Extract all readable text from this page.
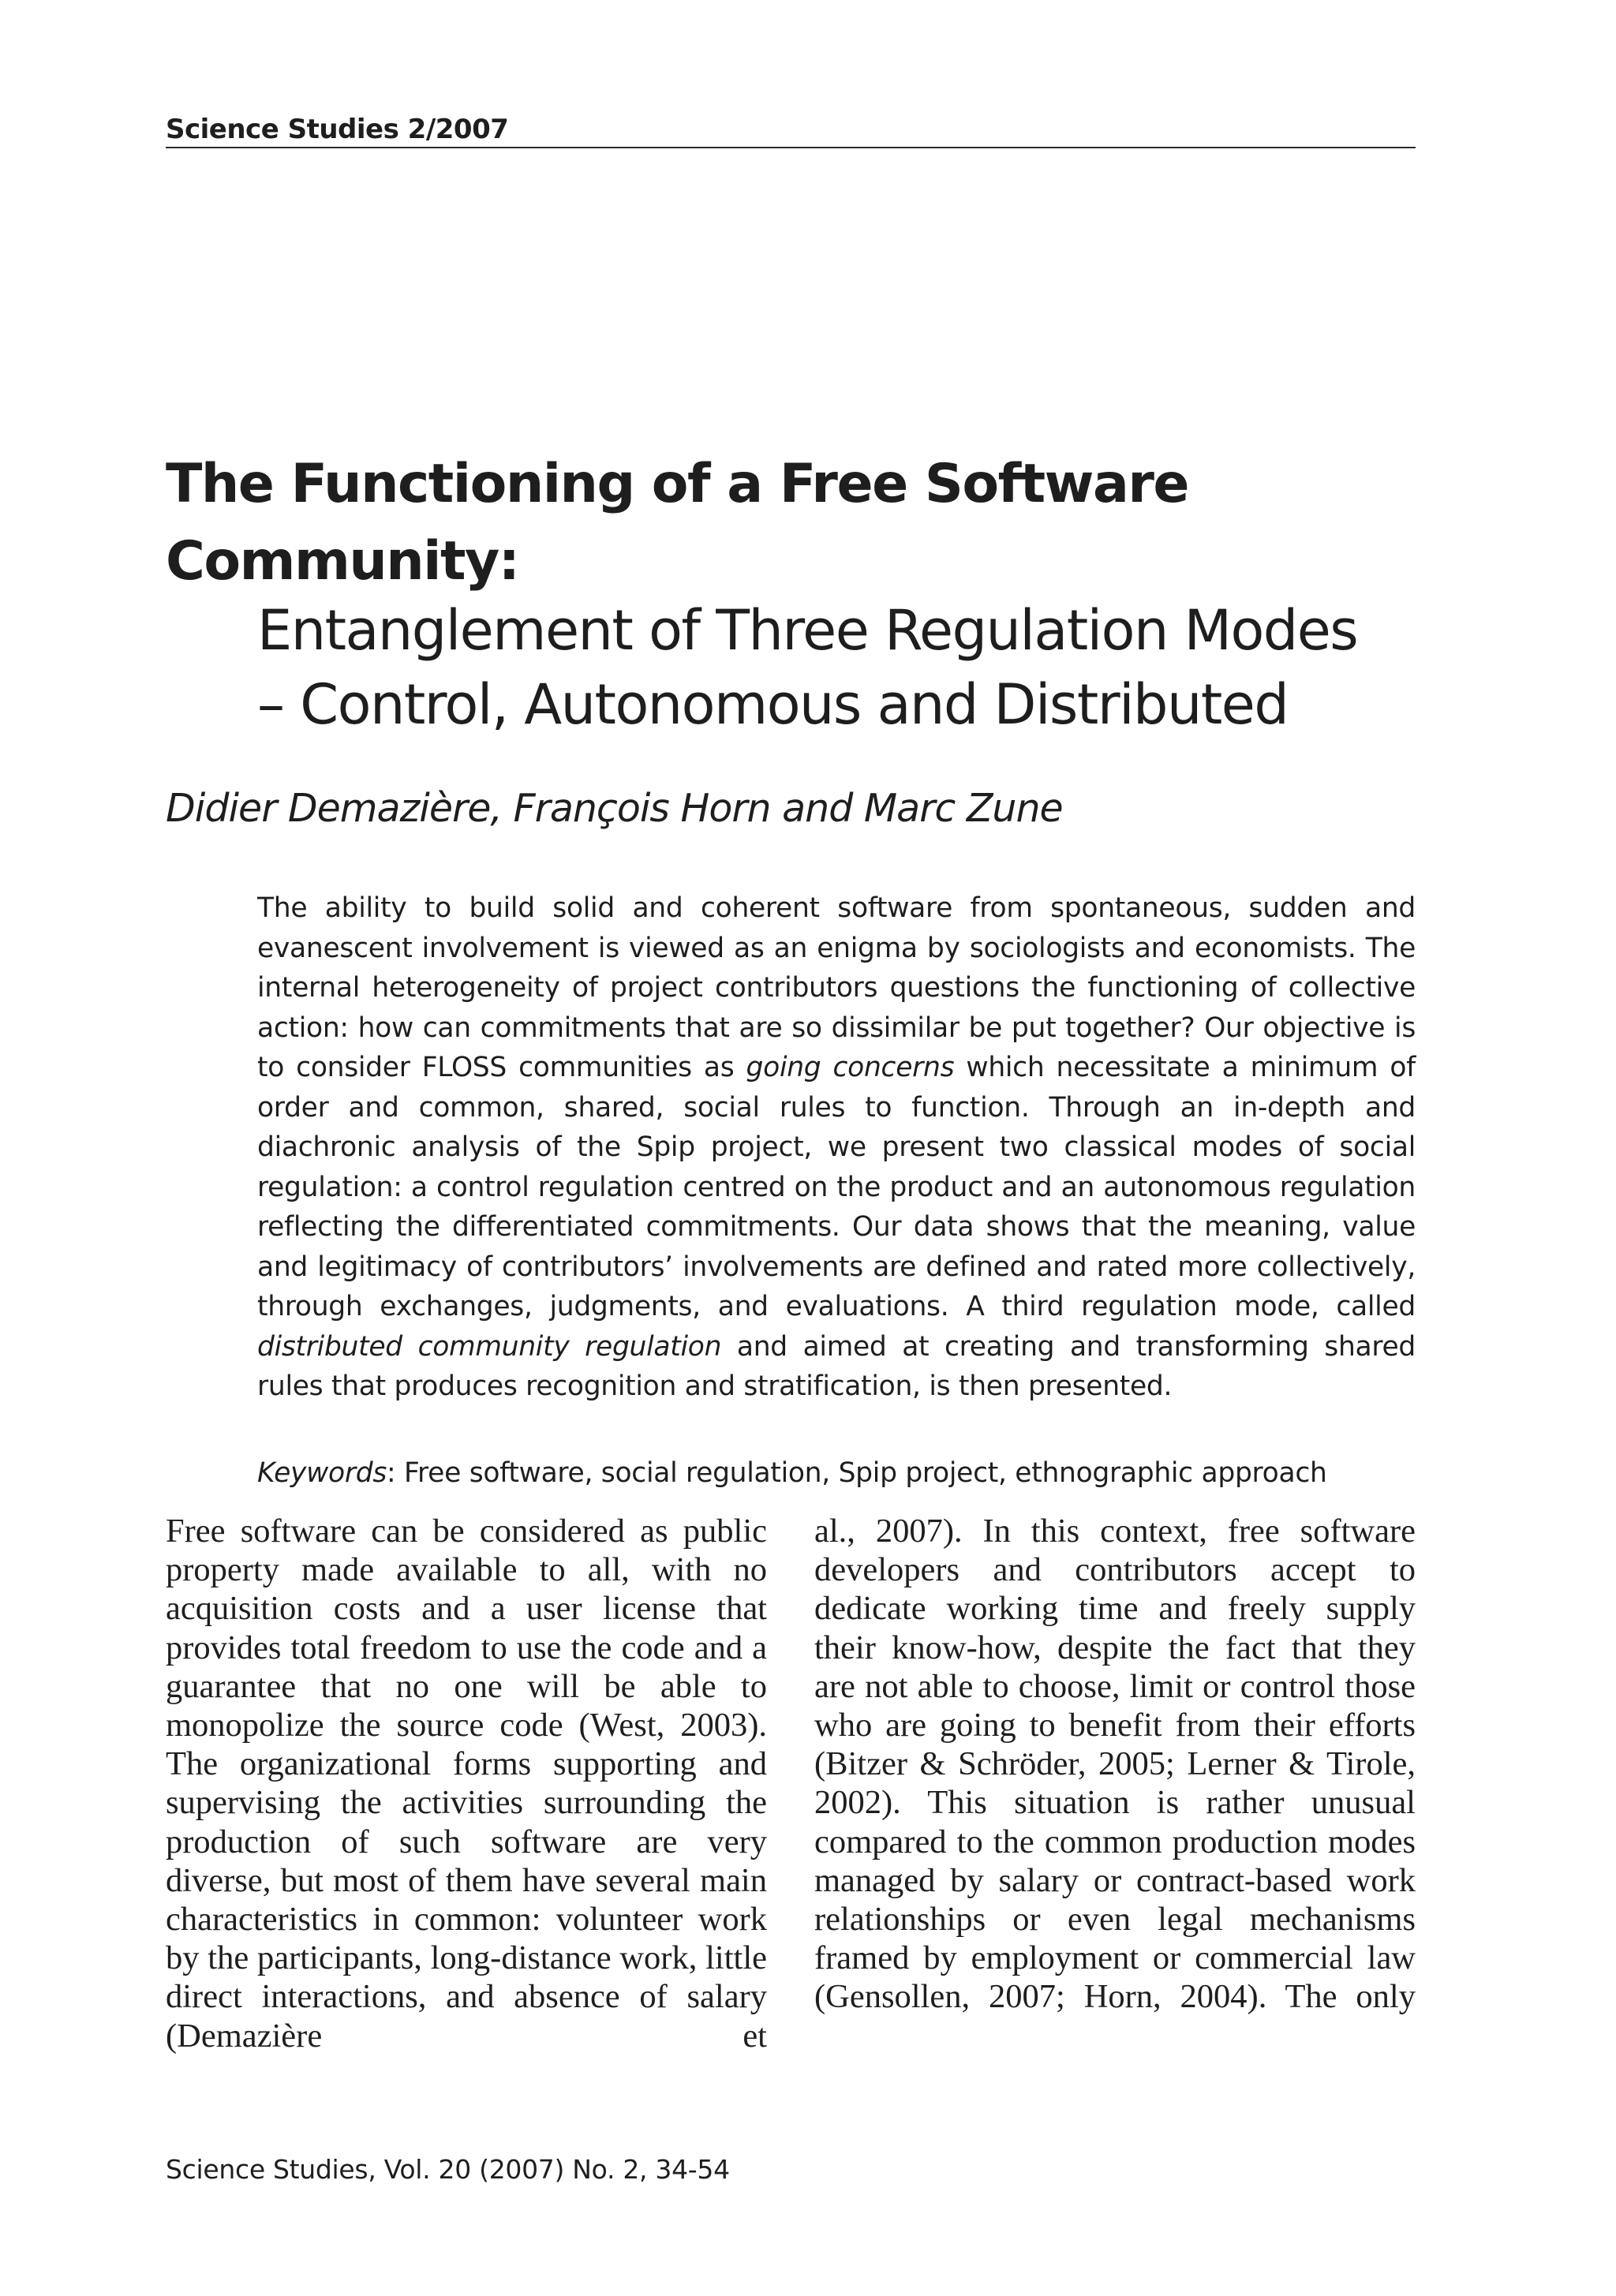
Science Studies 2/2007
The Functioning of a Free Software Community:
Entanglement of Three Regulation Modes
– Control, Autonomous and Distributed

Didier Demazière, François Horn and Marc Zune

The ability to build solid and coherent software from spontaneous, sudden and evanescent involvement is viewed as an enigma by sociologists and economists. The internal heterogeneity of project contributors questions the functioning of collective action: how can commitments that are so dissimilar be put together? Our objective is to consider FLOSS communities as going concerns which necessitate a minimum of order and common, shared, social rules to function. Through an in-depth and diachronic analysis of the Spip project, we present two classical modes of social regulation: a control regulation centred on the product and an autonomous regulation reflecting the differentiated commitments. Our data shows that the meaning, value and legitimacy of contributors’ involvements are defined and rated more collectively, through exchanges, judgments, and evaluations. A third regulation mode, called distributed community regulation and aimed at creating and transforming shared rules that produces recognition and stratification, is then presented.

Keywords: Free software, social regulation, Spip project, ethnographic approach

Free software can be considered as public property made available to all, with no acquisition costs and a user license that provides total freedom to use the code and a guarantee that no one will be able to monopolize the source code (West, 2003). The organizational forms supporting and supervising the activities surrounding the production of such software are very diverse, but most of them have several main characteristics in common: volunteer work by the participants, long-distance work, little direct interactions, and absence of salary (Demazière et

al., 2007). In this context, free software developers and contributors accept to dedicate working time and freely supply their know-how, despite the fact that they are not able to choose, limit or control those who are going to benefit from their efforts (Bitzer & Schröder, 2005; Lerner & Tirole, 2002). This situation is rather unusual compared to the common production modes managed by salary or contract-based work relationships or even legal mechanisms framed by employment or commercial law (Gensollen, 2007; Horn, 2004). The only

Science Studies, Vol. 20 (2007) No. 2, 34-54
